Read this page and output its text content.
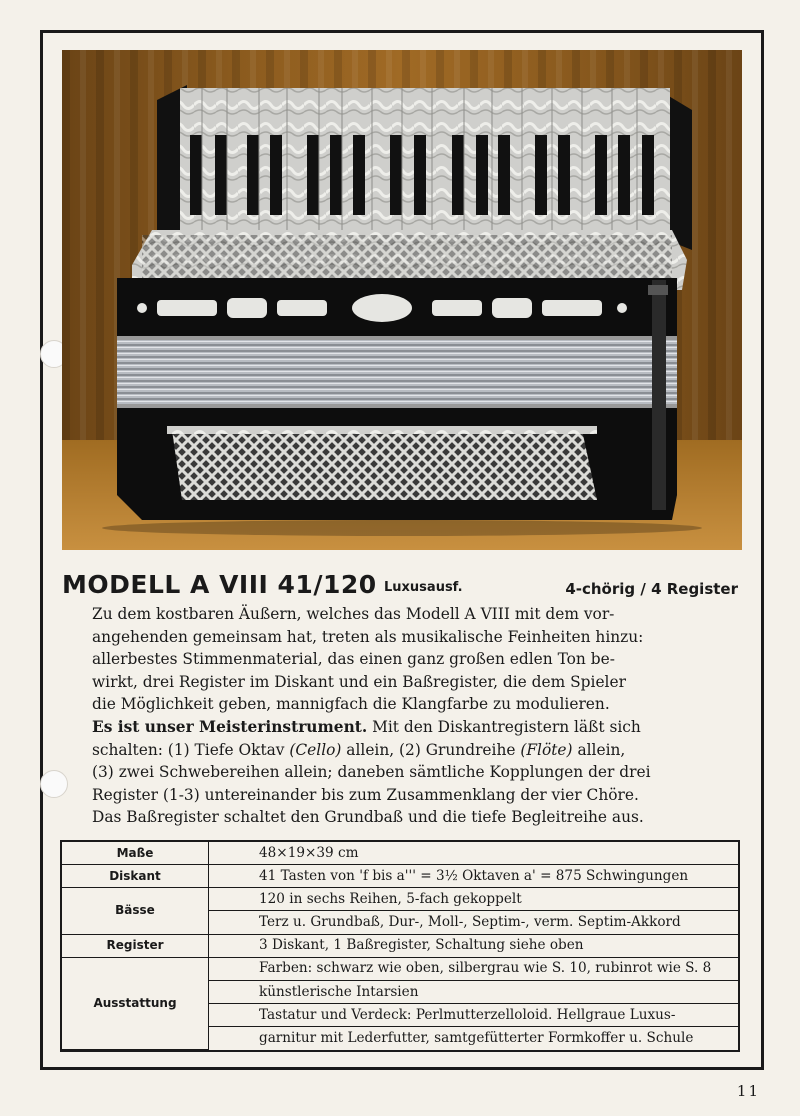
MODELL A VIII 41/120 Luxusausf.	4-chörig / 4 Register
Zu dem kostbaren Äußern, welches das Modell A VIII mit dem vor-
angehenden gemeinsam hat, treten als musikalische Feinheiten hinzu:
allerbestes Stimmenmaterial, das einen ganz großen edlen Ton be-
wirkt, drei Register im Diskant und ein Baßregister, die dem Spieler
die Möglichkeit geben, mannigfach die Klangfarbe zu modulieren.
Es ist unser Meisterinstrument. Mit den Diskantregistern läßt sich
schalten: (1) Tiefe Oktav (Cello) allein, (2) Grundreihe (Flöte) allein,
(3) zwei Schwebereihen allein; daneben sämtliche Kopplungen der drei
Register (1-3) untereinander bis zum Zusammenklang der vier Chöre.
Das Baßregister schaltet den Grundbaß und die tiefe Begleitreihe aus.
Maße	48×19×39 cm
Diskant	41 Tasten von 'f bis a''' = 3½ Oktaven a' = 875 Schwingungen
Bässe	120 in sechs Reihen, 5-fach gekoppelt
	Terz u. Grundbaß, Dur-, Moll-, Septim-, verm. Septim-Akkord
Register	3 Diskant, 1 Baßregister, Schaltung siehe oben
Ausstattung	Farben: schwarz wie oben, silbergrau wie S. 10, rubinrot wie S. 8
	künstlerische Intarsien
	Tastatur und Verdeck: Perlmutterzelloloid. Hellgraue Luxus-
	garnitur mit Lederfutter, samtgefütterter Formkoffer u. Schule
11
